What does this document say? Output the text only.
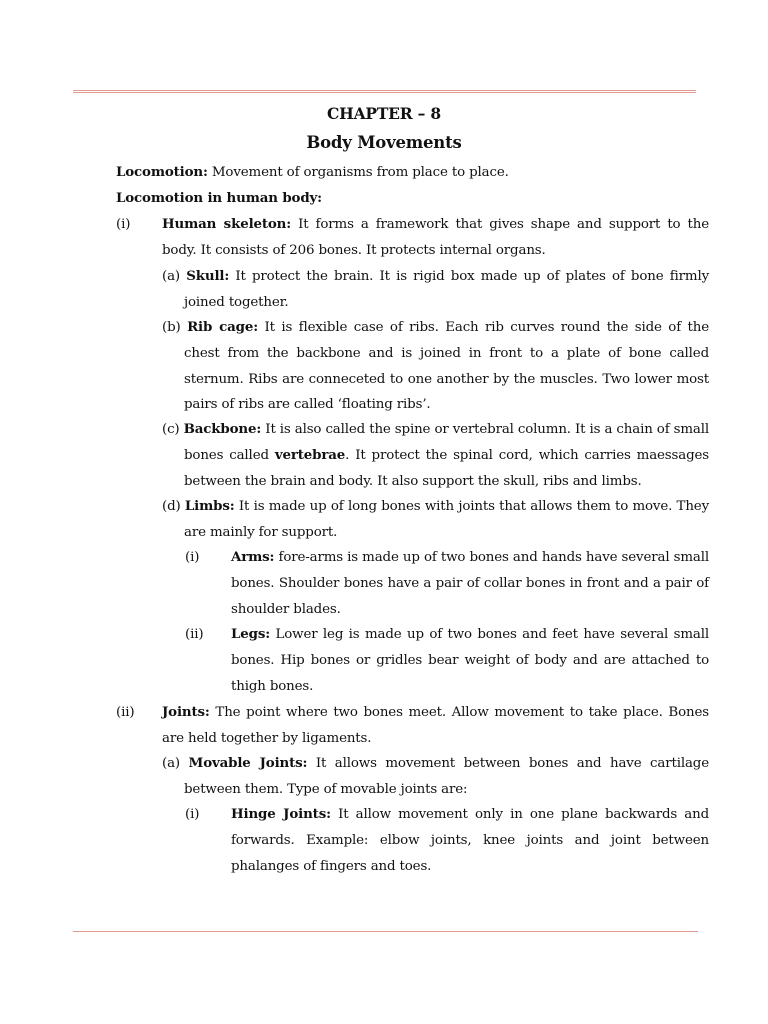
CHAPTER – 8
Body Movements
Locomotion: Movement of organisms from place to place.
Locomotion in human body:
(i) Human skeleton: It forms a framework that gives shape and support to the body. It consists of 206 bones. It protects internal organs.
(a) Skull: It protect the brain. It is rigid box made up of plates of bone firmly joined together.
(b) Rib cage: It is flexible case of ribs. Each rib curves round the side of the chest from the backbone and is joined in front to a plate of bone called sternum. Ribs are conneceted to one another by the muscles. Two lower most pairs of ribs are called ‘floating ribs’.
(c) Backbone: It is also called the spine or vertebral column. It is a chain of small bones called vertebrae. It protect the spinal cord, which carries maessages between the brain and body. It also support the skull, ribs and limbs.
(d) Limbs: It is made up of long bones with joints that allows them to move. They are mainly for support.
(i) Arms: fore-arms is made up of two bones and hands have several small bones. Shoulder bones have a pair of collar bones in front and a pair of shoulder blades.
(ii) Legs: Lower leg is made up of two bones and feet have several small bones. Hip bones or gridles bear weight of body and are attached to thigh bones.
(ii) Joints: The point where two bones meet. Allow movement to take place. Bones are held together by ligaments.
(a) Movable Joints: It allows movement between bones and have cartilage between them. Type of movable joints are:
(i) Hinge Joints: It allow movement only in one plane backwards and forwards. Example: elbow joints, knee joints and joint between phalanges of fingers and toes.
